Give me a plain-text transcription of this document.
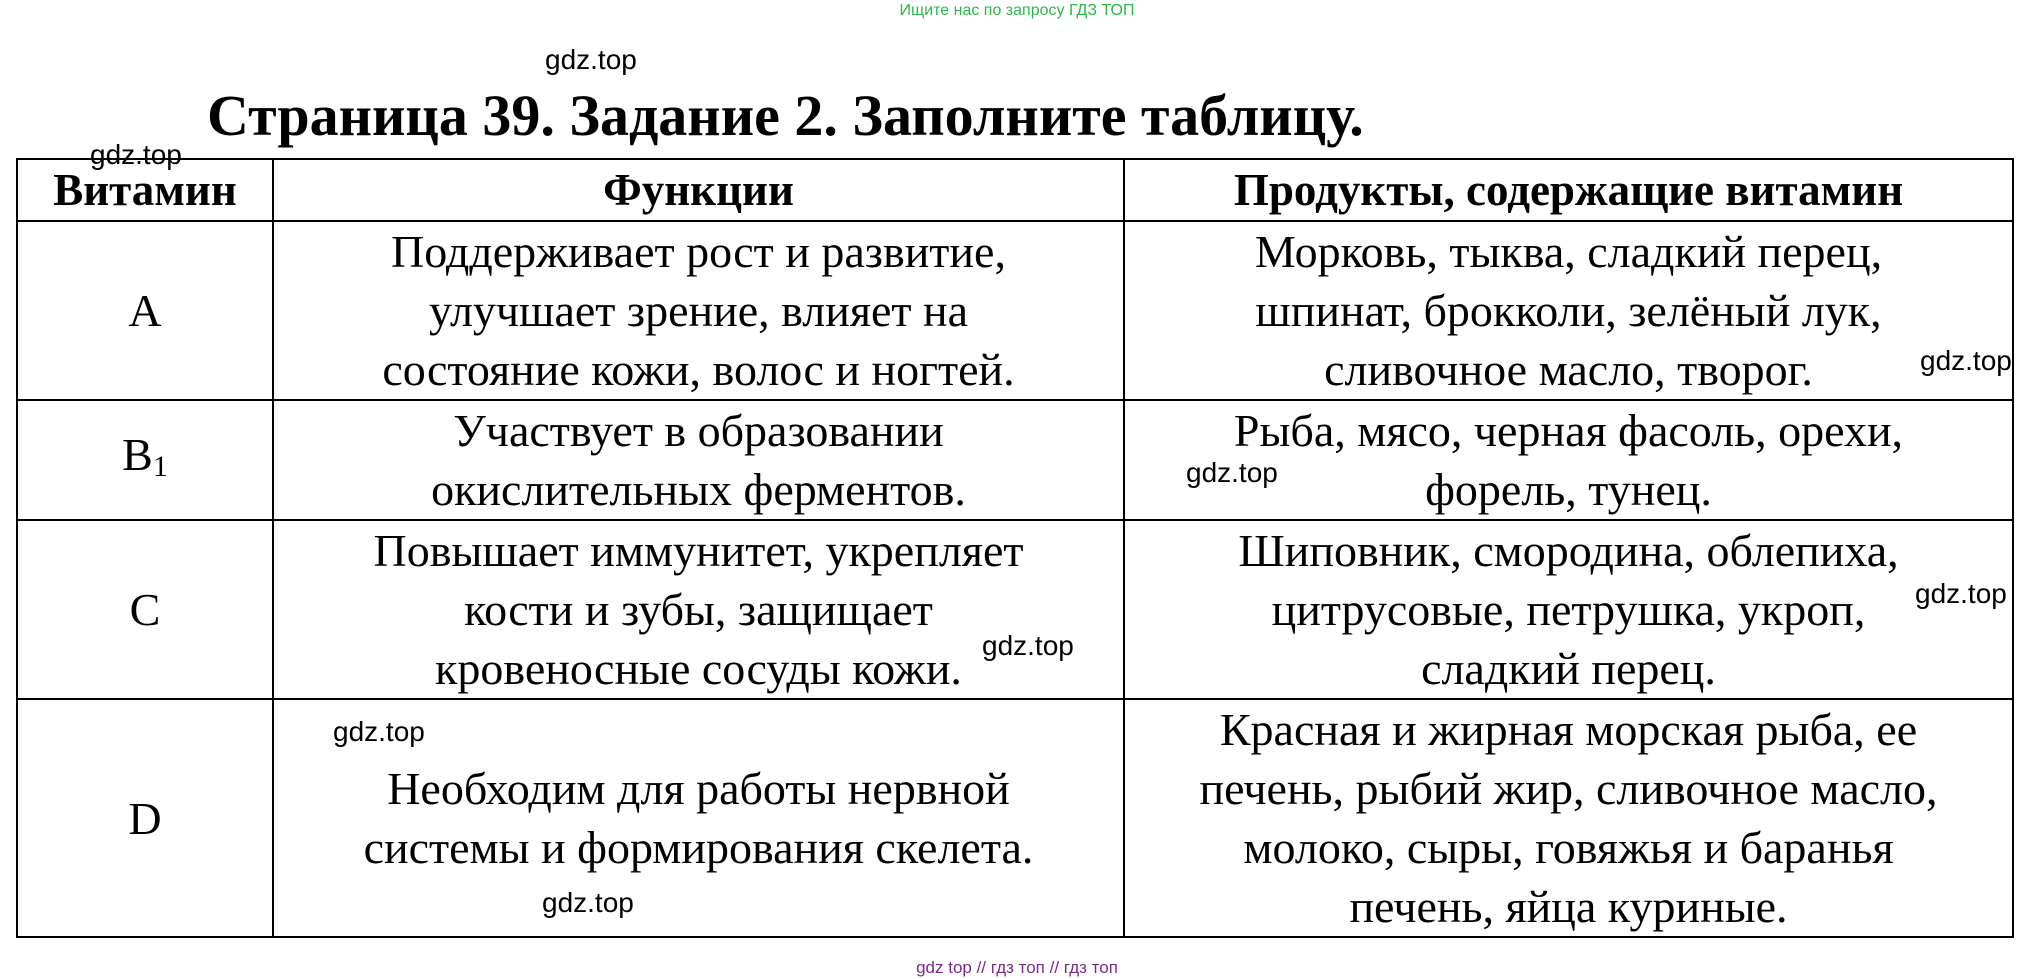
Ищите нас по запросу ГДЗ ТОП
gdz.top
gdz.top
Страница 39. Задание 2. Заполните таблицу.
Витамин	Функции	Продукты, содержащие витамин
A	Поддерживает рост и развитие,
улучшает зрение, влияет на
состояние кожи, волос и ногтей.	Морковь, тыква, сладкий перец,
шпинат, брокколи, зелёный лук,
сливочное масло, творог.

$B_1$	Участвует в образовании
окислительных ферментов.	Рыба, мясо, черная фасоль, орехи,
форель, тунец.

C	Повышает иммунитет, укрепляет
кости и зубы, защищает
кровеносные сосуды кожи.	Шиповник, смородина, облепиха,
цитрусовые, петрушка, укроп,
сладкий перец.

D	Необходим для работы нервной
системы и формирования скелета.	Красная и жирная морская рыба, ее
печень, рыбий жир, сливочное масло,
молоко, сыры, говяжья и баранья
печень, яйца куриные.
gdz.top
gdz.top
gdz.top
gdz.top
gdz.top
gdz.top
gdz top // гдз топ // гдз топ
